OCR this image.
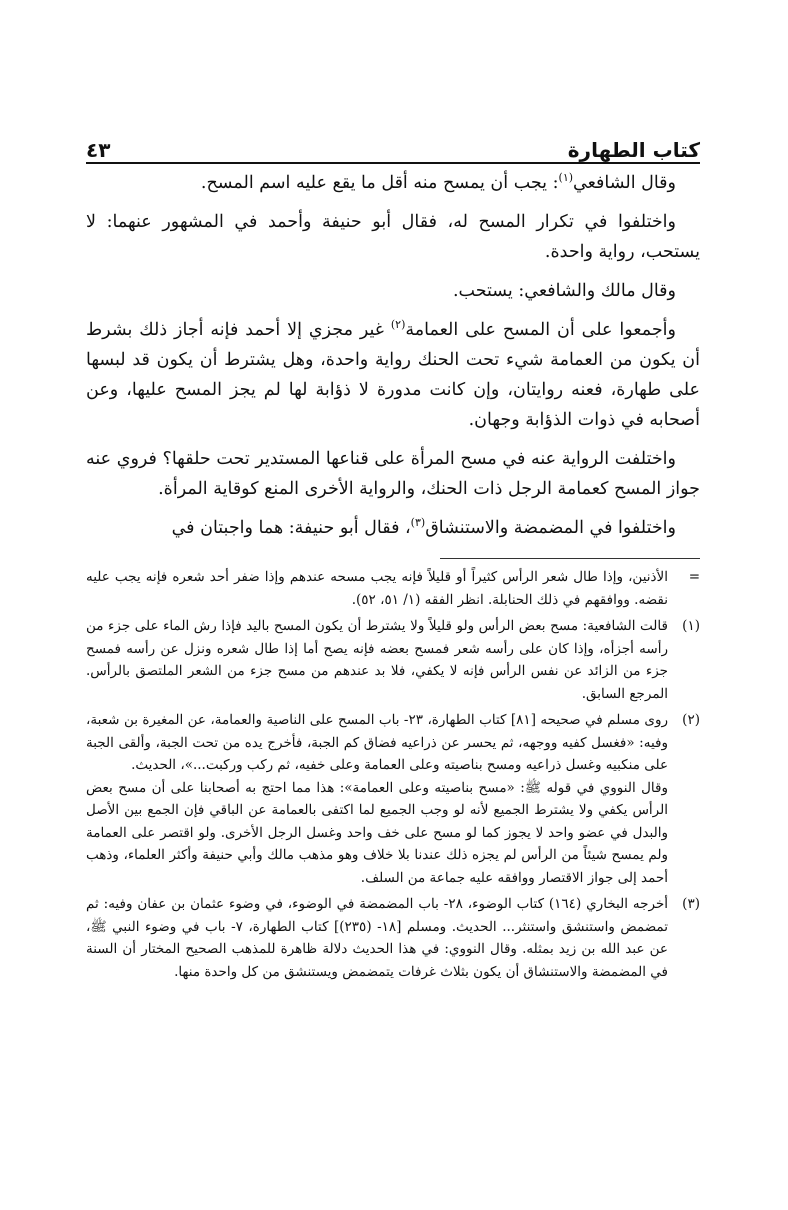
كتاب الطهارة
٤٣

وقال الشافعي$^{(١)}$: يجب أن يمسح منه أقل ما يقع عليه اسم المسح.

واختلفوا في تكرار المسح له، فقال أبو حنيفة وأحمد في المشهور عنهما: لا يستحب، رواية واحدة.

وقال مالك والشافعي: يستحب.

وأجمعوا على أن المسح على العمامة$^{(٢)}$ غير مجزي إلا أحمد فإنه أجاز ذلك بشرط أن يكون من العمامة شيء تحت الحنك رواية واحدة، وهل يشترط أن يكون قد لبسها على طهارة، فعنه روايتان، وإن كانت مدورة لا ذؤابة لها لم يجز المسح عليها، وعن أصحابه في ذوات الذؤابة وجهان.

واختلفت الرواية عنه في مسح المرأة على قناعها المستدير تحت حلقها؟ فروي عنه جواز المسح كعمامة الرجل ذات الحنك، والرواية الأخرى المنع كوقاية المرأة.

واختلفوا في المضمضة والاستنشاق$^{(٣)}$، فقال أبو حنيفة: هما واجبتان في

=
الأذنين، وإذا طال شعر الرأس كثيراً أو قليلاً فإنه يجب مسحه عندهم وإذا ضفر أحد شعره فإنه يجب عليه نقضه. ووافقهم في ذلك الحنابلة. انظر الفقه (١/ ٥١، ٥٢).
(١)
قالت الشافعية: مسح بعض الرأس ولو قليلاً ولا يشترط أن يكون المسح باليد فإذا رش الماء على جزء من رأسه أجزأه، وإذا كان على رأسه شعر فمسح بعضه فإنه يصح أما إذا طال شعره ونزل عن رأسه فمسح جزء من الزائد عن نفس الرأس فإنه لا يكفي، فلا بد عندهم من مسح جزء من الشعر الملتصق بالرأس. المرجع السابق.
(٢)

روى مسلم في صحيحه [٨١] كتاب الطهارة، ٢٣- باب المسح على الناصية والعمامة، عن المغيرة بن شعبة، وفيه: «فغسل كفيه ووجهه، ثم يحسر عن ذراعيه فضاق كم الجبة، فأخرج يده من تحت الجبة، وألقى الجبة على منكبيه وغسل ذراعيه ومسح بناصيته وعلى العمامة وعلى خفيه، ثم ركب وركبت...»، الحديث.

وقال النووي في قوله ﷺ: «مسح بناصيته وعلى العمامة»: هذا مما احتج به أصحابنا على أن مسح بعض الرأس يكفي ولا يشترط الجميع لأنه لو وجب الجميع لما اكتفى بالعمامة عن الباقي فإن الجمع بين الأصل والبدل في عضو واحد لا يجوز كما لو مسح على خف واحد وغسل الرجل الأخرى. ولو اقتصر على العمامة ولم يمسح شيئاً من الرأس لم يجزه ذلك عندنا بلا خلاف وهو مذهب مالك وأبي حنيفة وأكثر العلماء، وذهب أحمد إلى جواز الاقتصار ووافقه عليه جماعة من السلف.

(٣)
أخرجه البخاري (١٦٤) كتاب الوضوء، ٢٨- باب المضمضة في الوضوء، في وضوء عثمان بن عفان وفيه: ثم تمضمض واستنشق واستنثر... الحديث. ومسلم [١٨- (٢٣٥)] كتاب الطهارة، ٧- باب في وضوء النبي ﷺ، عن عبد الله بن زيد بمثله. وقال النووي: في هذا الحديث دلالة ظاهرة للمذهب الصحيح المختار أن السنة في المضمضة والاستنشاق أن يكون بثلاث غرفات يتمضمض ويستنشق من كل واحدة منها.
